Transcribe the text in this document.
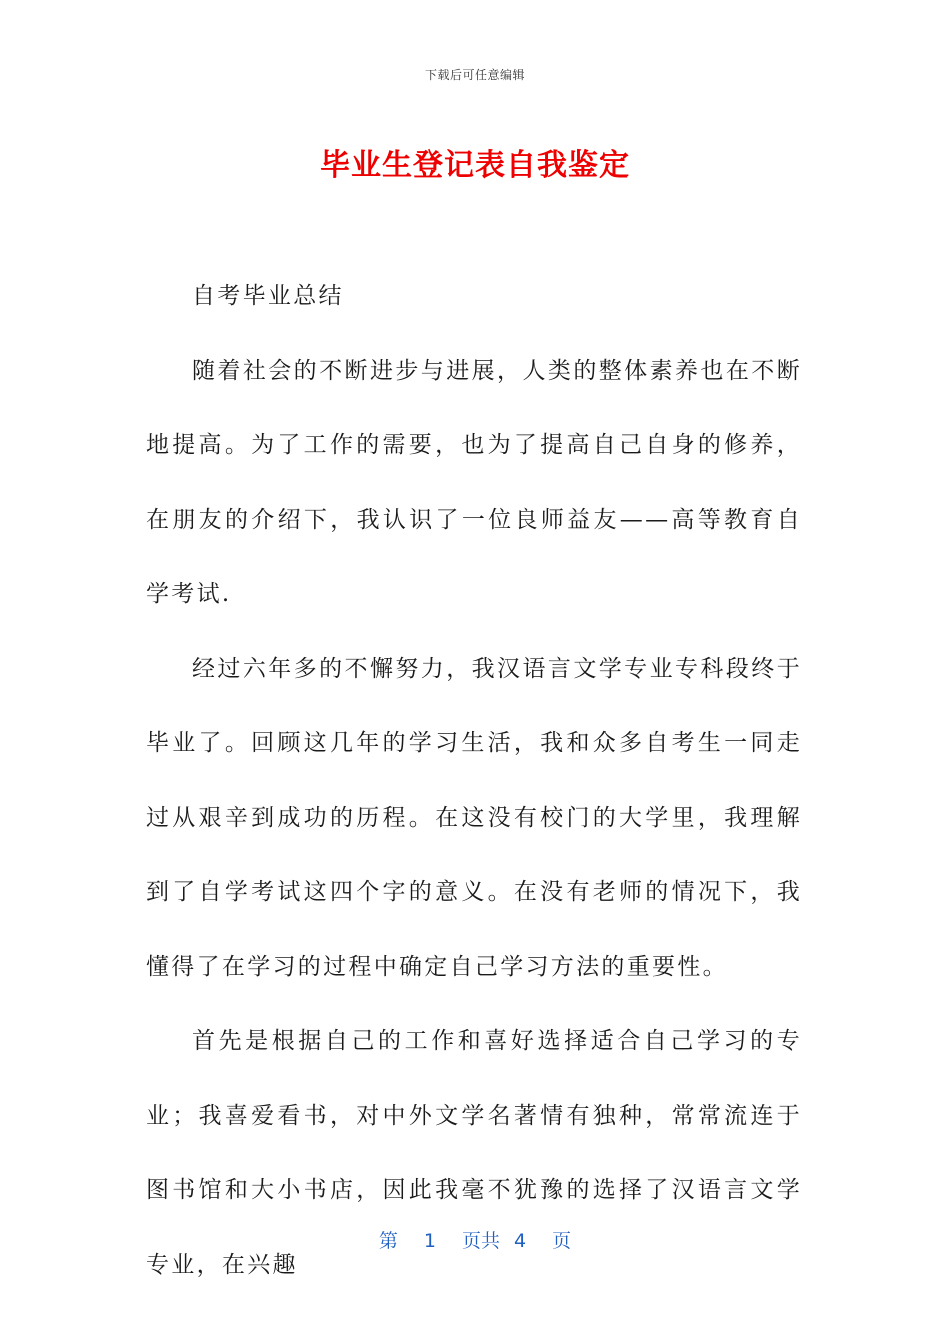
下载后可任意编辑
毕业生登记表自我鉴定

自考毕业总结

随着社会的不断进步与进展，人类的整体素养也在不断地提高。为了工作的需要，也为了提高自己自身的修养，在朋友的介绍下，我认识了一位良师益友——高等教育自学考试.

经过六年多的不懈努力，我汉语言文学专业专科段终于毕业了。回顾这几年的学习生活，我和众多自考生一同走过从艰辛到成功的历程。在这没有校门的大学里，我理解到了自学考试这四个字的意义。在没有老师的情况下，我懂得了在学习的过程中确定自己学习方法的重要性。

首先是根据自己的工作和喜好选择适合自己学习的专业；我喜爱看书，对中外文学名著情有独种，常常流连于图书馆和大小书店，因此我毫不犹豫的选择了汉语言文学专业，在兴趣

第 1 页共 4 页
